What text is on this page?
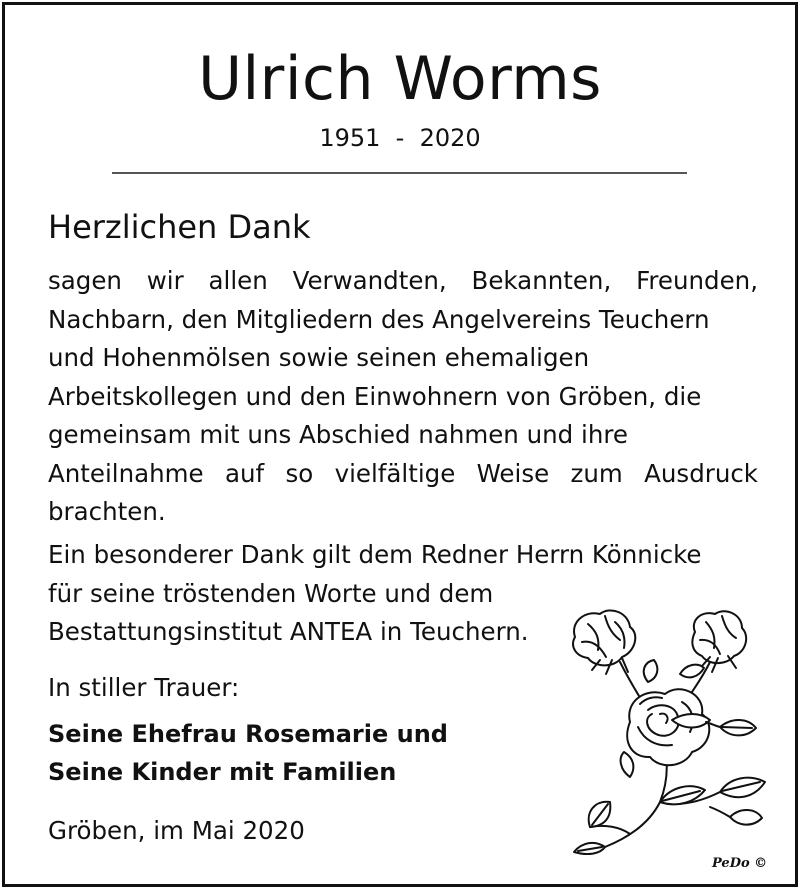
Ulrich Worms
1951  -  2020
Herzlichen Dank

sagen wir allen Verwandten, Bekannten, Freunden,
Nachbarn, den Mitgliedern des Angelvereins Teuchern
und Hohenmölsen sowie seinen ehemaligen
Arbeitskollegen und den Einwohnern von Gröben, die
gemeinsam mit uns Abschied nahmen und ihre
Anteilnahme auf so vielfältige Weise zum Ausdruck
brachten.

Ein besonderer Dank gilt dem Redner Herrn Könnicke
für seine tröstenden Worte und dem
Bestattungsinstitut ANTEA in Teuchern.

In stiller Trauer:
Seine Ehefrau Rosemarie und
Seine Kinder mit Familien
Gröben, im Mai 2020
PeDo ©
